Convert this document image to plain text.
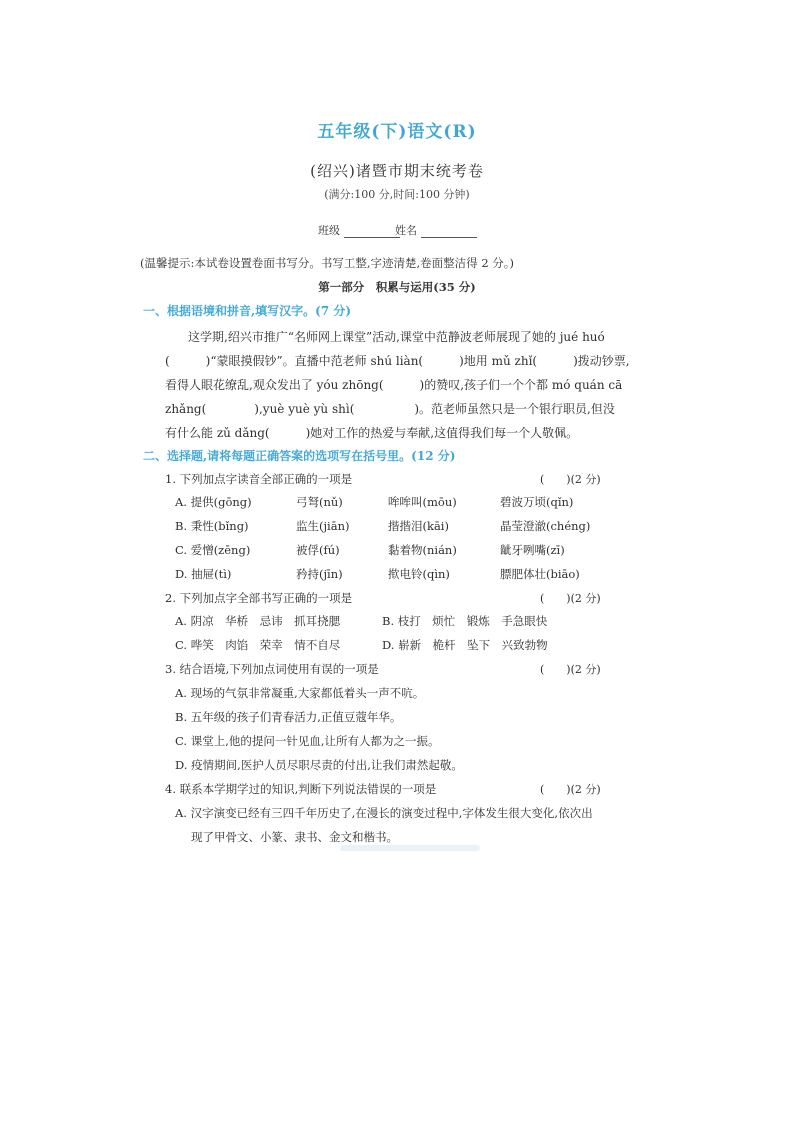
五年级(下)语文(R)
(绍兴)诸暨市期末统考卷
(满分:100 分,时间:100 分钟)
班级	姓名
(温馨提示:本试卷设置卷面书写分。书写工整,字迹清楚,卷面整洁得 2 分。)
第一部分　积累与运用(35 分)
一、根据语境和拼音,填写汉字。(7 分)
这学期,绍兴市推广“名师网上课堂”活动,课堂中范静波老师展现了她的 jué huó
(　　　)“蒙眼摸假钞”。直播中范老师 shú liàn(　　　)地用 mǔ zhǐ(　　　)拨动钞票,
看得人眼花缭乱,观众发出了 yóu zhōng(　　　)的赞叹,孩子们一个个都 mó quán cā
zhǎng(　　　　),yuè yuè yù shì(　　　　　)。范老师虽然只是一个银行职员,但没
有什么能 zǔ dǎng(　　　)她对工作的热爱与奉献,这值得我们每一个人敬佩。
二、选择题,请将每题正确答案的选项写在括号里。(12 分)
1. 下列加点字读音全部正确的一项是	(　　)(2 分)
A. 提供(gōng)	弓弩(nǔ)	哞哞叫(mōu)	碧波万顷(qǐn)
B. 秉性(bǐng)	监生(jiān)	揩揩泪(kāi)	晶莹澄澈(chéng)
C. 爱憎(zēng)	被俘(fú)	黏着物(nián)	龇牙咧嘴(zī)
D. 抽屉(tì)	矜持(jīn)	揿电铃(qìn)	膘肥体壮(biāo)
2. 下列加点字全部书写正确的一项是	(　　)(2 分)
A. 阴凉　华桥　忌讳　抓耳挠腮	B. 枝打　烦忙　锻炼　手急眼快
C. 哗笑　肉馅　荣幸　情不自尽	D. 崭新　桅杆　坠下　兴致勃物
3. 结合语境,下列加点词使用有误的一项是	(　　)(2 分)
A. 现场的气氛非常凝重,大家都低着头一声不吭。
B. 五年级的孩子们青春活力,正值豆蔻年华。
C. 课堂上,他的提问一针见血,让所有人都为之一振。
D. 疫情期间,医护人员尽职尽责的付出,让我们肃然起敬。
4. 联系本学期学过的知识,判断下列说法错误的一项是	(　　)(2 分)
A. 汉字演变已经有三四千年历史了,在漫长的演变过程中,字体发生很大变化,依次出
现了甲骨文、小篆、隶书、金文和楷书。
